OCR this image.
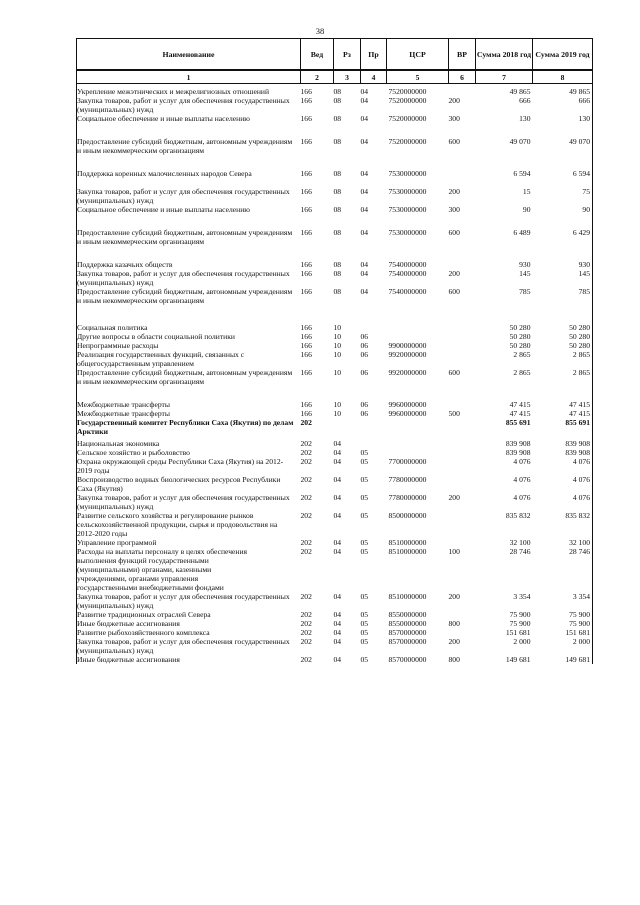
38
Наименование	Вед	Рз	Пр	ЦСР	ВР	Сумма 2018 год	Сумма 2019 год
1	2	3	4	5	6	7	8
Укрепление межэтнических и межрелигиозных отношений	166	08	04	7520000000		49 865	49 865
Закупка товаров, работ и услуг для обеспечения государственных (муниципальных) нужд	166	08	04	7520000000	200	666	666
Социальное обеспечение и иные выплаты населению	166	08	04	7520000000	300	130	130
Предоставление субсидий бюджетным, автономным учреждениям и иным некоммерческим организациям	166	08	04	7520000000	600	49 070	49 070
Поддержка коренных малочисленных народов Севера	166	08	04	7530000000		6 594	6 594
Закупка товаров, работ и услуг для обеспечения государственных (муниципальных) нужд	166	08	04	7530000000	200	15	75
Социальное обеспечение и иные выплаты населению	166	08	04	7530000000	300	90	90
Предоставление субсидий бюджетным, автономным учреждениям и иным некоммерческим организациям	166	08	04	7530000000	600	6 489	6 429
Поддержка казачьих обществ	166	08	04	7540000000		930	930
Закупка товаров, работ и услуг для обеспечения государственных (муниципальных) нужд	166	08	04	7540000000	200	145	145
Предоставление субсидий бюджетным, автономным учреждениям и иным некоммерческим организациям	166	08	04	7540000000	600	785	785
Социальная политика	166	10				50 280	50 280
Другие вопросы в области социальной политики	166	10	06			50 280	50 280
Непрограммные расходы	166	10	06	9900000000		50 280	50 280
Реализация государственных функций, связанных с общегосударственным управлением	166	10	06	9920000000		2 865	2 865
Предоставление субсидий бюджетным, автономным учреждениям и иным некоммерческим организациям	166	10	06	9920000000	600	2 865	2 865
Межбюджетные трансферты	166	10	06	9960000000		47 415	47 415
Межбюджетные трансферты	166	10	06	9960000000	500	47 415	47 415
Государственный комитет Республики Саха (Якутия) по делам Арктики	202					855 691	855 691
Национальная экономика	202	04				839 908	839 908
Сельское хозяйство и рыболовство	202	04	05			839 908	839 908
Охрана окружающей среды Республики Саха (Якутия) на 2012-2019 годы	202	04	05	7700000000		4 076	4 076
Воспроизводство водных биологических ресурсов Республики Саха (Якутия)	202	04	05	7780000000		4 076	4 076
Закупка товаров, работ и услуг для обеспечения государственных (муниципальных) нужд	202	04	05	7780000000	200	4 076	4 076
Развитие сельского хозяйства и регулирование рынков сельскохозяйственной продукции, сырья и продовольствия на 2012-2020 годы	202	04	05	8500000000		835 832	835 832
Управление программой	202	04	05	8510000000		32 100	32 100
Расходы на выплаты персоналу в целях обеспечения выполнения функций государственными (муниципальными) органами, казенными учреждениями, органами управления государственными внебюджетными фондами	202	04	05	8510000000	100	28 746	28 746
Закупка товаров, работ и услуг для обеспечения государственных (муниципальных) нужд	202	04	05	8510000000	200	3 354	3 354
Развитие традиционных отраслей Севера	202	04	05	8550000000		75 900	75 900
Иные бюджетные ассигнования	202	04	05	8550000000	800	75 900	75 900
Развитие рыбохозяйственного комплекса	202	04	05	8570000000		151 681	151 681
Закупка товаров, работ и услуг для обеспечения государственных (муниципальных) нужд	202	04	05	8570000000	200	2 000	2 000
Иные бюджетные ассигнования	202	04	05	8570000000	800	149 681	149 681
